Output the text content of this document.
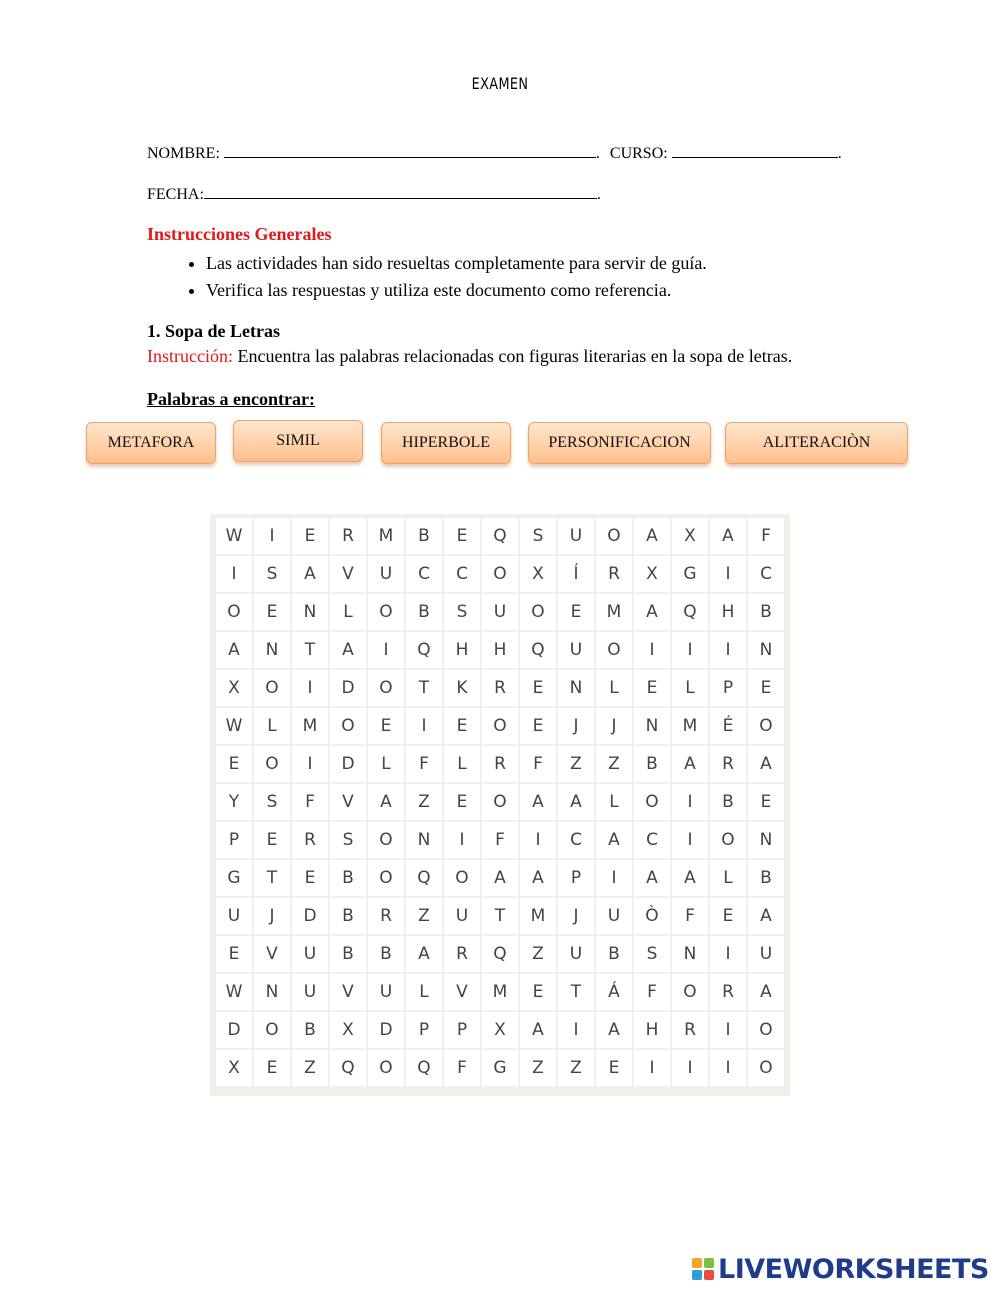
EXAMEN
NOMBRE:	. CURSO:	.
FECHA:	.
Instrucciones Generales
• Las actividades han sido resueltas completamente para servir de guía.
• Verifica las respuestas y utiliza este documento como referencia.
1. Sopa de Letras
Instrucción: Encuentra las palabras relacionadas con figuras literarias en la sopa de letras.
Palabras a encontrar:
METAFORA	SIMIL	HIPERBOLE	PERSONIFICACION	ALITERACIÒN
W	I	E	R	M	B	E	Q	S	U	O	A	X	A	F
I	S	A	V	U	C	C	O	X	Í	R	X	G	I	C
O	E	N	L	O	B	S	U	O	E	M	A	Q	H	B
A	N	T	A	I	Q	H	H	Q	U	O	I	I	I	N
X	O	I	D	O	T	K	R	E	N	L	E	L	P	E
W	L	M	O	E	I	E	O	E	J	J	N	M	É	O
E	O	I	D	L	F	L	R	F	Z	Z	B	A	R	A
Y	S	F	V	A	Z	E	O	A	A	L	O	I	B	E
P	E	R	S	O	N	I	F	I	C	A	C	I	O	N
G	T	E	B	O	Q	O	A	A	P	I	A	A	L	B
U	J	D	B	R	Z	U	T	M	J	U	Ò	F	E	A
E	V	U	B	B	A	R	Q	Z	U	B	S	N	I	U
W	N	U	V	U	L	V	M	E	T	Á	F	O	R	A
D	O	B	X	D	P	P	X	A	I	A	H	R	I	O
X	E	Z	Q	O	Q	F	G	Z	Z	E	I	I	I	O
LIVEWORKSHEETS
